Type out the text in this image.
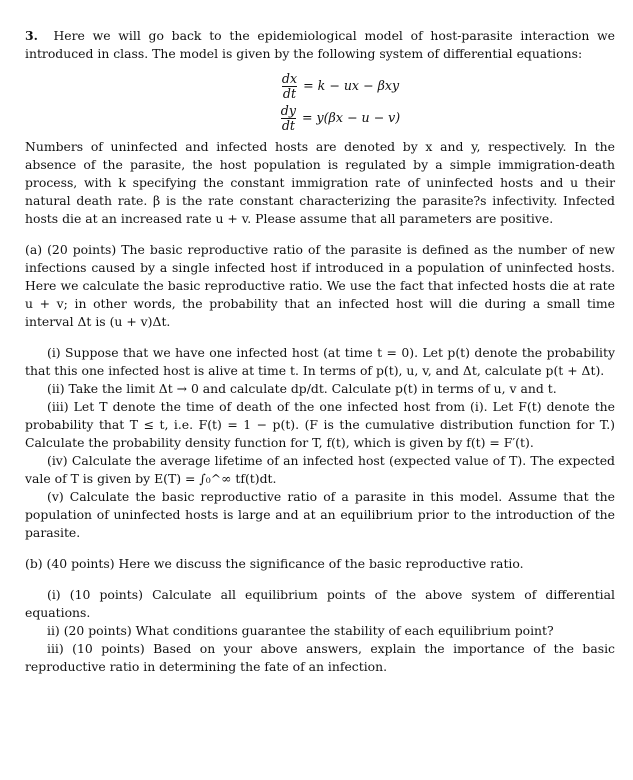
3. Here we will go back to the epidemiological model of host-parasite interaction we introduced in class. The model is given by the following system of differential equations:

$\frac{dx}{dt} = k$ − ux − βxy
$\frac{dy}{dt} = y(\beta x - u - v)$

Numbers of uninfected and infected hosts are denoted by x and y, respectively. In the absence of the parasite, the host population is regulated by a simple immigration-death process, with k specifying the constant immigration rate of uninfected hosts and u their natural death rate. β is the rate constant characterizing the parasite?s infectivity. Infected hosts die at an increased rate u + v. Please assume that all parameters are positive.

(a) (20 points) The basic reproductive ratio of the parasite is defined as the number of new infections caused by a single infected host if introduced in a population of uninfected hosts. Here we calculate the basic reproductive ratio. We use the fact that infected hosts die at rate u + v; in other words, the probability that an infected host will die during a small time interval Δt is (u + v)Δt.

(i) Suppose that we have one infected host (at time t = 0). Let p(t) denote the probability that this one infected host is alive at time t. In terms of p(t), u, v, and Δt, calculate p(t + Δt).

(ii) Take the limit Δt → 0 and calculate dp/dt. Calculate p(t) in terms of u, v and t.

(iii) Let T denote the time of death of the one infected host from (i). Let F(t) denote the probability that T ≤ t, i.e. F(t) = 1 − p(t). (F is the cumulative distribution function for T.) Calculate the probability density function for T, f(t), which is given by f(t) = F′(t).

(iv) Calculate the average lifetime of an infected host (expected value of T). The expected vale of T is given by E(T) = ∫₀^∞ tf(t)dt.

(v) Calculate the basic reproductive ratio of a parasite in this model. Assume that the population of uninfected hosts is large and at an equilibrium prior to the introduction of the parasite.

(b) (40 points) Here we discuss the significance of the basic reproductive ratio.

(i) (10 points) Calculate all equilibrium points of the above system of differential equations.

ii) (20 points) What conditions guarantee the stability of each equilibrium point?

iii) (10 points) Based on your above answers, explain the importance of the basic reproductive ratio in determining the fate of an infection.
